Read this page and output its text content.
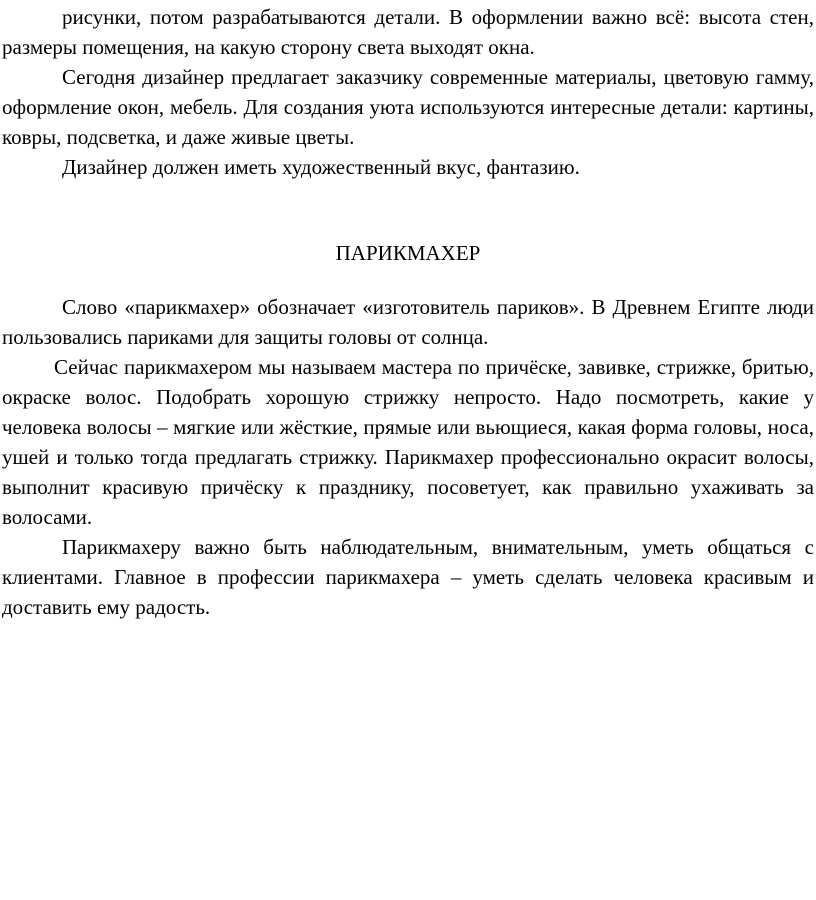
рисунки, потом разрабатываются детали. В оформлении важно всё: высота стен, размеры помещения, на какую сторону света выходят окна.

Сегодня дизайнер предлагает заказчику современные материалы, цветовую гамму, оформление окон, мебель. Для создания уюта используются интересные детали: картины, ковры, подсветка, и даже живые цветы.

Дизайнер должен иметь художественный вкус, фантазию.

ПАРИКМАХЕР

Слово «парикмахер» обозначает «изготовитель париков». В Древнем Египте люди пользовались париками для защиты головы от солнца.

Сейчас парикмахером мы называем мастера по причёске, завивке, стрижке, бритью, окраске волос. Подобрать хорошую стрижку непросто. Надо посмотреть, какие у человека волосы – мягкие или жёсткие, прямые или вьющиеся, какая форма головы, носа, ушей и только тогда предлагать стрижку. Парикмахер профессионально окрасит волосы, выполнит красивую причёску к празднику, посоветует, как правильно ухаживать за волосами.

Парикмахеру важно быть наблюдательным, внимательным, уметь общаться с клиентами. Главное в профессии парикмахера – уметь сделать человека красивым и доставить ему радость.
